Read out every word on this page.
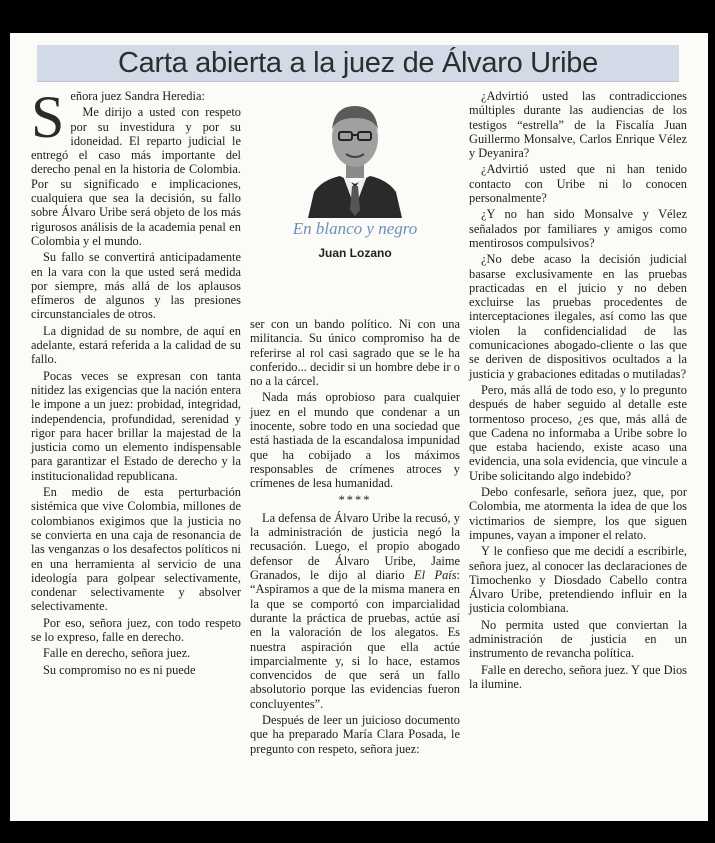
Carta abierta a la juez de Álvaro Uribe

Señora juez Sandra Heredia:

Me dirijo a usted con respeto por su investidura y por su idoneidad. El reparto judicial le entregó el caso más importante del derecho penal en la historia de Colombia. Por su significado e implicaciones, cualquiera que sea la decisión, su fallo sobre Álvaro Uribe será objeto de los más rigurosos análisis de la academia penal en Colombia y el mundo.

Su fallo se convertirá anticipadamente en la vara con la que usted será medida por siempre, más allá de los aplausos efímeros de algunos y las presiones circunstanciales de otros.

La dignidad de su nombre, de aquí en adelante, estará referida a la calidad de su fallo.

Pocas veces se expresan con tanta nitidez las exigencias que la nación entera le impone a un juez: probidad, integridad, independencia, profundidad, serenidad y rigor para hacer brillar la majestad de la justicia como un elemento indispensable para garantizar el Estado de derecho y la institucionalidad republicana.

En medio de esta perturbación sistémica que vive Colombia, millones de colombianos exigimos que la justicia no se convierta en una caja de resonancia de las venganzas o los desafectos políticos ni en una herramienta al servicio de una ideología para golpear selectivamente, condenar selectivamente y absolver selectivamente.

Por eso, señora juez, con todo respeto se lo expreso, falle en derecho.

Falle en derecho, señora juez.

Su compromiso no es ni puede

En blanco y negro
Juan Lozano

ser con un bando político. Ni con una militancia. Su único compromiso ha de referirse al rol casi sagrado que se le ha conferido... decidir si un hombre debe ir o no a la cárcel.

Nada más oprobioso para cualquier juez en el mundo que condenar a un inocente, sobre todo en una sociedad que está hastiada de la escandalosa impunidad que ha cobijado a los máximos responsables de crímenes atroces y crímenes de lesa humanidad.

****

La defensa de Álvaro Uribe la recusó, y la administración de justicia negó la recusación. Luego, el propio abogado defensor de Álvaro Uribe, Jaime Granados, le dijo al diario El País: “Aspiramos a que de la misma manera en la que se comportó con imparcialidad durante la práctica de pruebas, actúe así en la valoración de los alegatos. Es nuestra aspiración que ella actúe imparcialmente y, si lo hace, estamos convencidos de que será un fallo absolutorio porque las evidencias fueron concluyentes”.

Después de leer un juicioso documento que ha preparado María Clara Posada, le pregunto con respeto, señora juez:

¿Advirtió usted las contradicciones múltiples durante las audiencias de los testigos “estrella” de la Fiscalía Juan Guillermo Monsalve, Carlos Enrique Vélez y Deyanira?

¿Advirtió usted que ni han tenido contacto con Uribe ni lo conocen personalmente?

¿Y no han sido Monsalve y Vélez señalados por familiares y amigos como mentirosos compulsivos?

¿No debe acaso la decisión judicial basarse exclusivamente en las pruebas practicadas en el juicio y no deben excluirse las pruebas procedentes de interceptaciones ilegales, así como las que violen la confidencialidad de las comunicaciones abogado-cliente o las que se deriven de dispositivos ocultados a la justicia y grabaciones editadas o mutiladas?

Pero, más allá de todo eso, y lo pregunto después de haber seguido al detalle este tormentoso proceso, ¿es que, más allá de que Cadena no informaba a Uribe sobre lo que estaba haciendo, existe acaso una evidencia, una sola evidencia, que vincule a Uribe solicitando algo indebido?

Debo confesarle, señora juez, que, por Colombia, me atormenta la idea de que los victimarios de siempre, los que siguen impunes, vayan a imponer el relato.

Y le confieso que me decidí a escribirle, señora juez, al conocer las declaraciones de Timochenko y Diosdado Cabello contra Álvaro Uribe, pretendiendo influir en la justicia colombiana.

No permita usted que conviertan la administración de justicia en un instrumento de revancha política.

Falle en derecho, señora juez. Y que Dios la ilumine.
